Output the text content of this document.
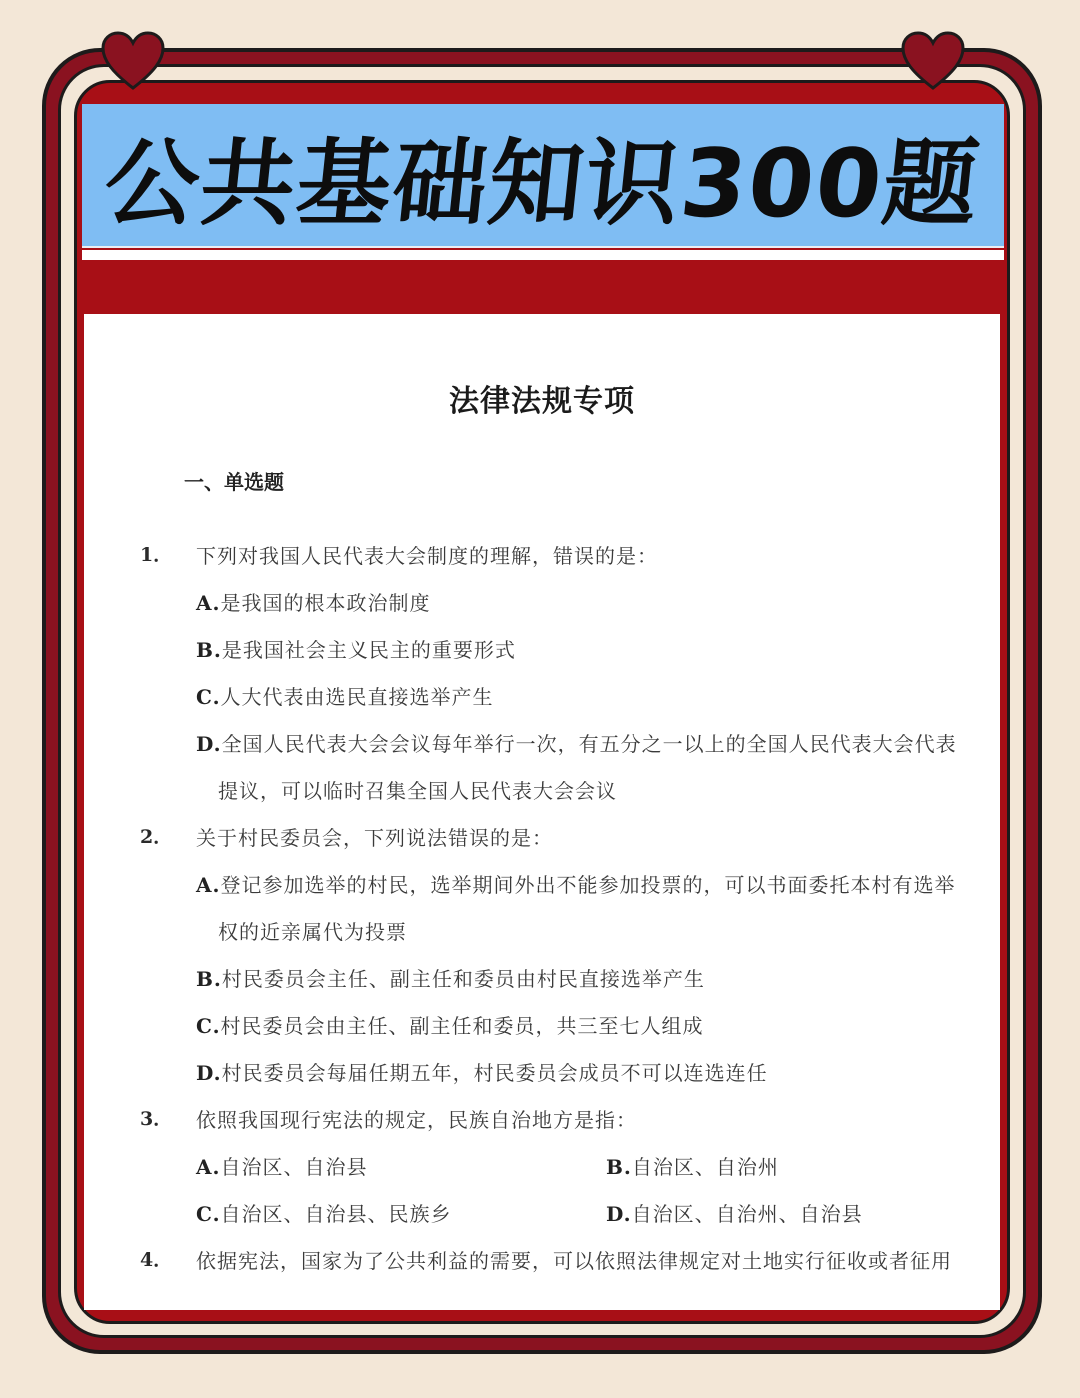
公共基础知识300题
法律法规专项
一、单选题
1． 下列对我国人民代表大会制度的理解，错误的是：
A.是我国的根本政治制度
B.是我国社会主义民主的重要形式
C.人大代表由选民直接选举产生
D.全国人民代表大会会议每年举行一次，有五分之一以上的全国人民代表大会代表
提议，可以临时召集全国人民代表大会会议
2． 关于村民委员会，下列说法错误的是：
A.登记参加选举的村民，选举期间外出不能参加投票的，可以书面委托本村有选举
权的近亲属代为投票
B.村民委员会主任、副主任和委员由村民直接选举产生
C.村民委员会由主任、副主任和委员，共三至七人组成
D.村民委员会每届任期五年，村民委员会成员不可以连选连任
3． 依照我国现行宪法的规定，民族自治地方是指：
A.自治区、自治县	B.自治区、自治州
C.自治区、自治县、民族乡	D.自治区、自治州、自治县
4． 依据宪法，国家为了公共利益的需要，可以依照法律规定对土地实行征收或者征用
